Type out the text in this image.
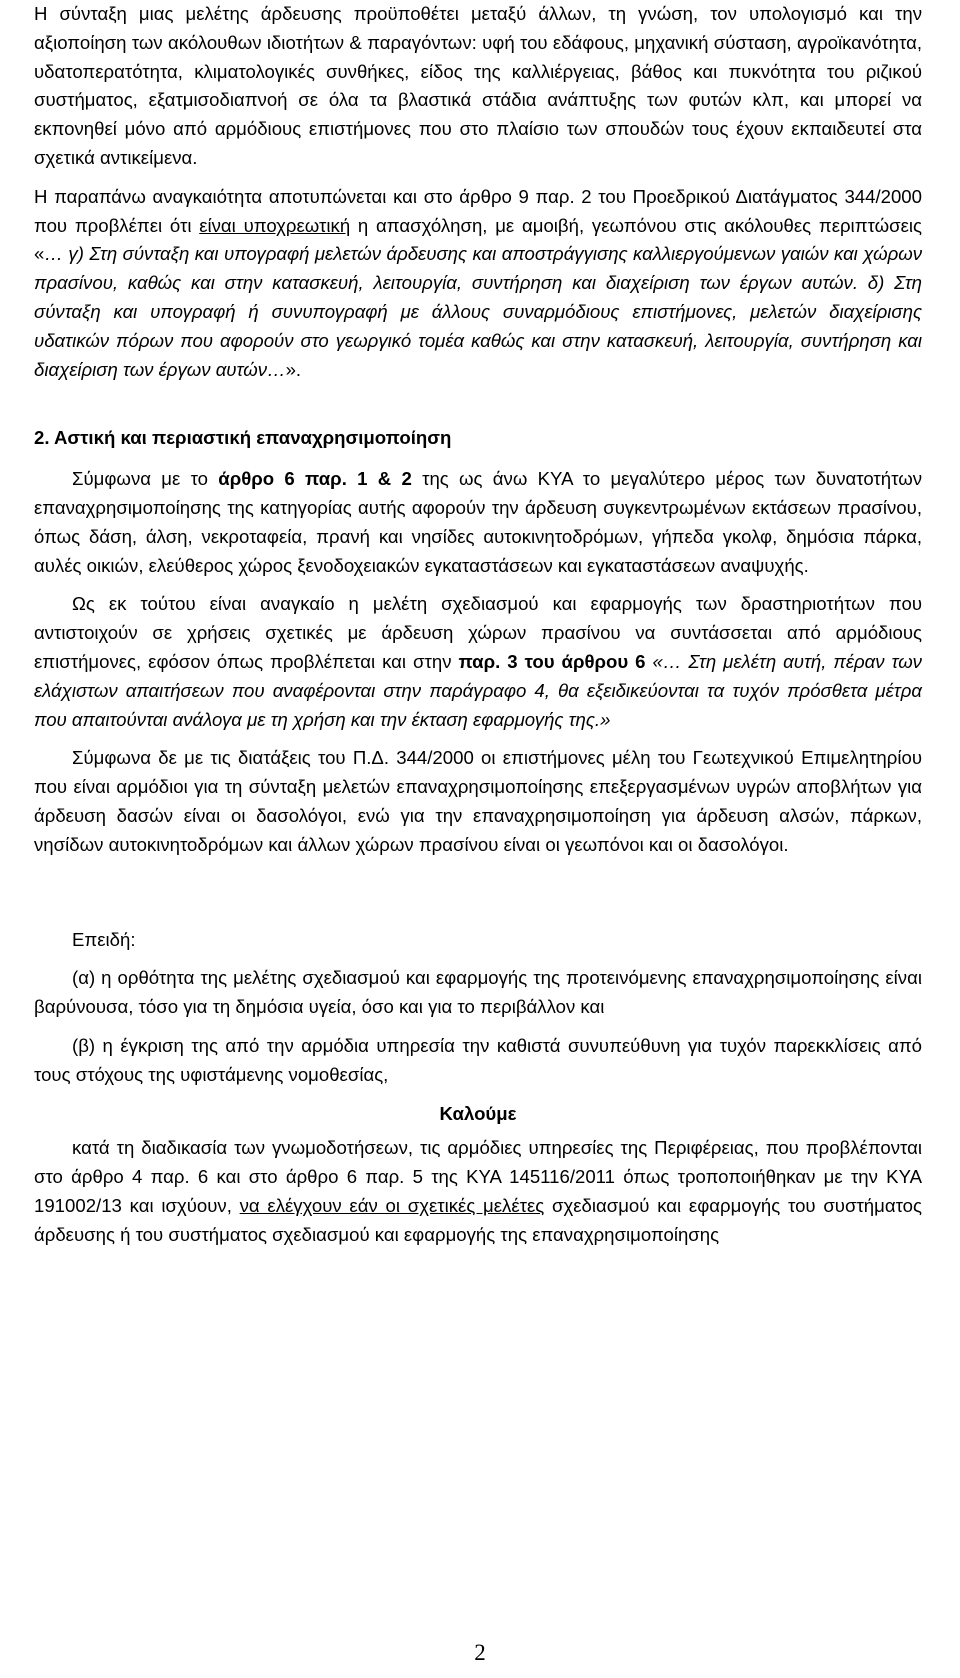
Η σύνταξη μιας μελέτης άρδευσης προϋποθέτει μεταξύ άλλων, τη γνώση, τον υπολογισμό και την αξιοποίηση των ακόλουθων ιδιοτήτων & παραγόντων: υφή του εδάφους, μηχανική σύσταση, αγροϊκανότητα, υδατοπερατότητα, κλιματολογικές συνθήκες, είδος της καλλιέργειας, βάθος και πυκνότητα του ριζικού συστήματος, εξατμισοδιαπνοή σε όλα τα βλαστικά στάδια ανάπτυξης των φυτών κλπ, και μπορεί να εκπονηθεί μόνο από αρμόδιους επιστήμονες που στο πλαίσιο των σπουδών τους έχουν εκπαιδευτεί στα σχετικά αντικείμενα.

Η παραπάνω αναγκαιότητα αποτυπώνεται και στο άρθρο 9 παρ. 2 του Προεδρικού Διατάγματος 344/2000 που προβλέπει ότι είναι υποχρεωτική η απασχόληση, με αμοιβή, γεωπόνου στις ακόλουθες περιπτώσεις «… γ) Στη σύνταξη και υπογραφή μελετών άρδευσης και αποστράγγισης καλλιεργούμενων γαιών και χώρων πρασίνου, καθώς και στην κατασκευή, λειτουργία, συντήρηση και διαχείριση των έργων αυτών. δ) Στη σύνταξη και υπογραφή ή συνυπογραφή με άλλους συναρμόδιους επιστήμονες, μελετών διαχείρισης υδατικών πόρων που αφορούν στο γεωργικό τομέα καθώς και στην κατασκευή, λειτουργία, συντήρηση και διαχείριση των έργων αυτών…».

2. Αστική και περιαστική επαναχρησιμοποίηση

Σύμφωνα με το άρθρο 6 παρ. 1 & 2 της ως άνω ΚΥΑ το μεγαλύτερο μέρος των δυνατοτήτων επαναχρησιμοποίησης της κατηγορίας αυτής αφορούν την άρδευση συγκεντρωμένων εκτάσεων πρασίνου, όπως δάση, άλση, νεκροταφεία, πρανή και νησίδες αυτοκινητοδρόμων, γήπεδα γκολφ, δημόσια πάρκα, αυλές οικιών, ελεύθερος χώρος ξενοδοχειακών εγκαταστάσεων και εγκαταστάσεων αναψυχής.

Ως εκ τούτου είναι αναγκαίο η μελέτη σχεδιασμού και εφαρμογής των δραστηριοτήτων που αντιστοιχούν σε χρήσεις σχετικές με άρδευση χώρων πρασίνου να συντάσσεται από αρμόδιους επιστήμονες, εφόσον όπως προβλέπεται και στην παρ. 3 του άρθρου 6 «… Στη μελέτη αυτή, πέραν των ελάχιστων απαιτήσεων που αναφέρονται στην παράγραφο 4, θα εξειδικεύονται τα τυχόν πρόσθετα μέτρα που απαιτούνται ανάλογα με τη χρήση και την έκταση εφαρμογής της.»

Σύμφωνα δε με τις διατάξεις του Π.Δ. 344/2000 οι επιστήμονες μέλη του Γεωτεχνικού Επιμελητηρίου που είναι αρμόδιοι για τη σύνταξη μελετών επαναχρησιμοποίησης επεξεργασμένων υγρών αποβλήτων για άρδευση δασών είναι οι δασολόγοι, ενώ για την επαναχρησιμοποίηση για άρδευση αλσών, πάρκων, νησίδων αυτοκινητοδρόμων και άλλων χώρων πρασίνου είναι οι γεωπόνοι και οι δασολόγοι.

Επειδή:

(α) η ορθότητα της μελέτης σχεδιασμού και εφαρμογής της προτεινόμενης επαναχρησιμοποίησης είναι βαρύνουσα, τόσο για τη δημόσια υγεία, όσο και για το περιβάλλον και

(β) η έγκριση της από την αρμόδια υπηρεσία την καθιστά συνυπεύθυνη για τυχόν παρεκκλίσεις από τους στόχους της υφιστάμενης νομοθεσίας,

Καλούμε

κατά τη διαδικασία των γνωμοδοτήσεων, τις αρμόδιες υπηρεσίες της Περιφέρειας, που προβλέπονται στο άρθρο 4 παρ. 6 και στο άρθρο 6 παρ. 5 της ΚΥΑ 145116/2011 όπως τροποποιήθηκαν με την ΚΥΑ 191002/13 και ισχύουν, να ελέγχουν εάν οι σχετικές μελέτες σχεδιασμού και εφαρμογής του συστήματος άρδευσης ή του συστήματος σχεδιασμού και εφαρμογής της επαναχρησιμοποίησης

2
